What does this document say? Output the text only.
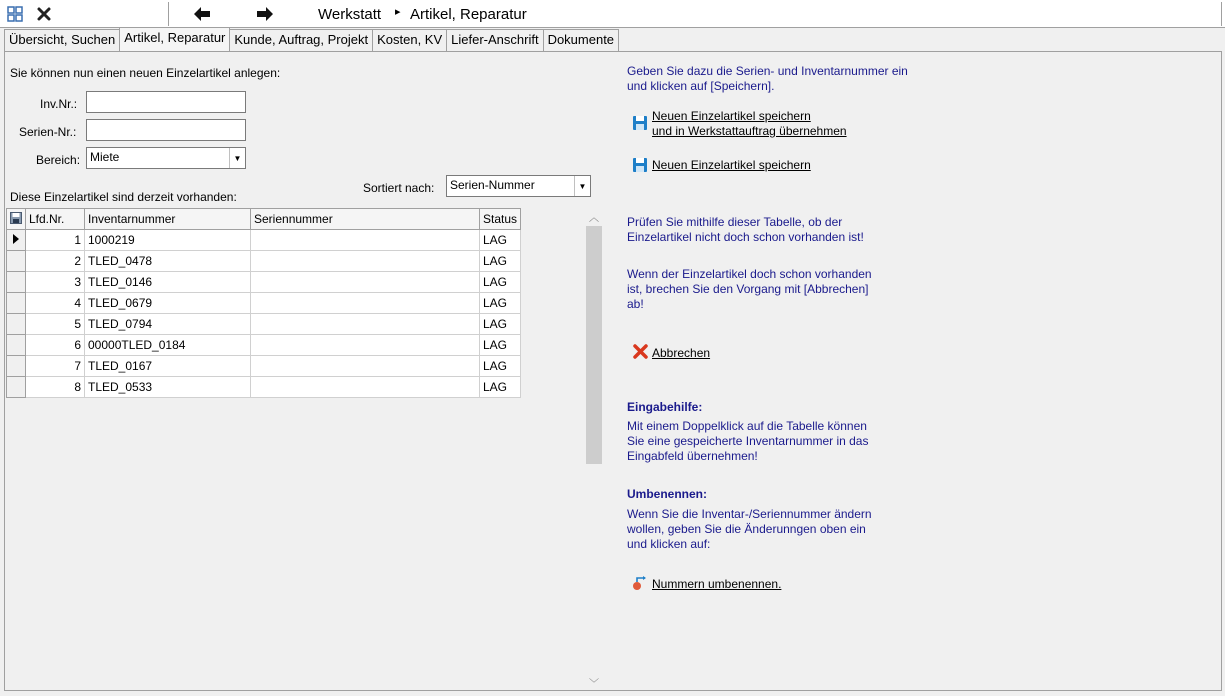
Werkstatt ▸ Artikel, Reparatur
Übersicht, Suchen Artikel, Reparatur Kunde, Auftrag, Projekt Kosten, KV Liefer-Anschrift Dokumente
Sie können nun einen neuen Einzelartikel anlegen:
Inv.Nr.:
Serien-Nr.:
Bereich: Miete	▼
Diese Einzelartikel sind derzeit vorhanden:
Sortiert nach:	Serien-Nummer	▼
	Lfd.Nr.	Inventarnummer	Seriennummer	Status
	1	1000219		LAG
	2	TLED_0478		LAG
	3	TLED_0146		LAG
	4	TLED_0679		LAG
	5	TLED_0794		LAG
	6	00000TLED_0184		LAG
	7	TLED_0167		LAG
	8	TLED_0533		LAG
︿
﹀
Geben Sie dazu die Serien- und Inventarnummer ein
und klicken auf [Speichern].
Neuen Einzelartikel speichern
und in Werkstattauftrag übernehmen
Neuen Einzelartikel speichern
Prüfen Sie mithilfe dieser Tabelle, ob der
Einzelartikel nicht doch schon vorhanden ist!
Wenn der Einzelartikel doch schon vorhanden
ist, brechen Sie den Vorgang mit [Abbrechen]
ab!
Abbrechen
Eingabehilfe:
Mit einem Doppelklick auf die Tabelle können
Sie eine gespeicherte Inventarnummer in das
Eingabfeld übernehmen!
Umbenennen:
Wenn Sie die Inventar-/Seriennummer ändern
wollen, geben Sie die Änderunngen oben ein
und klicken auf:
Nummern umbenennen.
